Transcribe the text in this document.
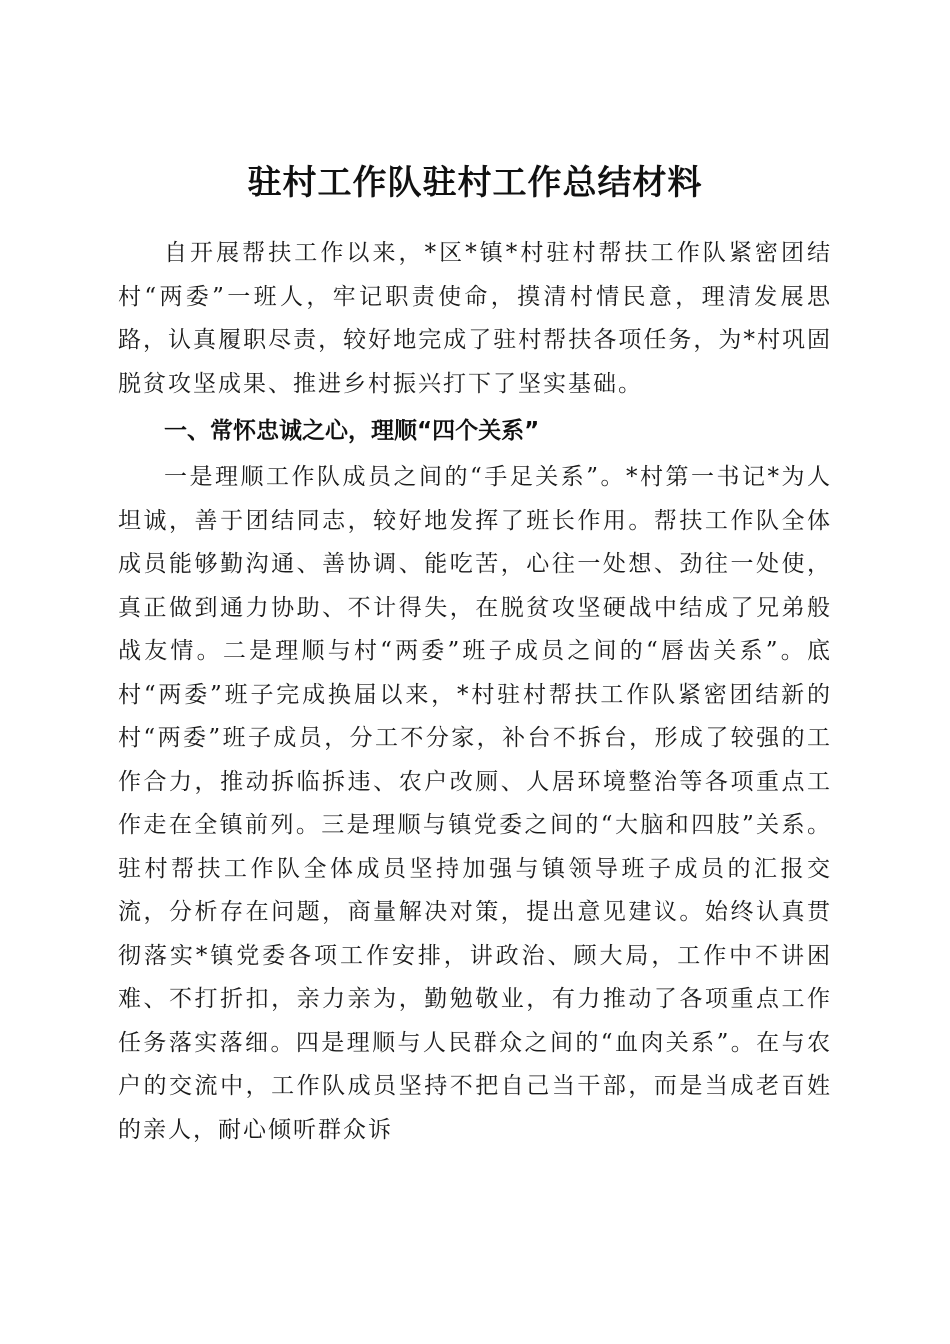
驻村工作队驻村工作总结材料

自开展帮扶工作以来，*区*镇*村驻村帮扶工作队紧密团结村“两委”一班人，牢记职责使命，摸清村情民意，理清发展思路，认真履职尽责，较好地完成了驻村帮扶各项任务，为*村巩固脱贫攻坚成果、推进乡村振兴打下了坚实基础。

一、常怀忠诚之心，理顺“四个关系”

一是理顺工作队成员之间的“手足关系”。*村第一书记*为人坦诚，善于团结同志，较好地发挥了班长作用。帮扶工作队全体成员能够勤沟通、善协调、能吃苦，心往一处想、劲往一处使，真正做到通力协助、不计得失，在脱贫攻坚硬战中结成了兄弟般战友情。二是理顺与村“两委”班子成员之间的“唇齿关系”。底村“两委”班子完成换届以来，*村驻村帮扶工作队紧密团结新的村“两委”班子成员，分工不分家，补台不拆台，形成了较强的工作合力，推动拆临拆违、农户改厕、人居环境整治等各项重点工作走在全镇前列。三是理顺与镇党委之间的“大脑和四肢”关系。驻村帮扶工作队全体成员坚持加强与镇领导班子成员的汇报交流，分析存在问题，商量解决对策，提出意见建议。始终认真贯彻落实*镇党委各项工作安排，讲政治、顾大局，工作中不讲困难、不打折扣，亲力亲为，勤勉敬业，有力推动了各项重点工作任务落实落细。四是理顺与人民群众之间的“血肉关系”。在与农户的交流中，工作队成员坚持不把自己当干部，而是当成老百姓的亲人，耐心倾听群众诉
